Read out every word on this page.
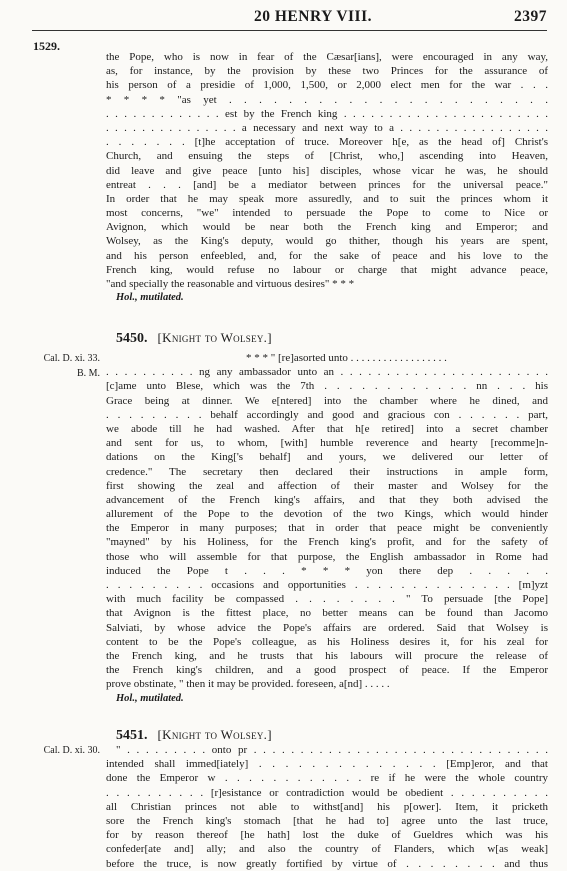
20 HENRY VIII.	2397
1529.
the Pope, who is now in fear of the Cæsar[ians], were encouraged in any way,
as, for instance, by the provision by these two Princes for the assurance of
his person of a presidie of 1,000, 1,500, or 2,000 elect men for the war . . .
* * * * "as yet . . . . . . . . . . . . . . . . . . . . . .
. . . . . . . . . . . . . est by the French king . . . . . . . . . . . . . . . . . . . . . . .
. . . . . . . . . . . . . . . a necessary and next way to a . . . . . . . . . . . . . . . . .
. . . . . . . [t]he acceptation of truce. Moreover h[e, as the head of] Christ's
Church, and ensuing the steps of [Christ, who,] ascending into Heaven,
did leave and give peace [unto his] disciples, whose vicar he was, he should
entreat . . . [and] be a mediator between princes for the universal peace."
In order that he may speak more assuredly, and to suit the princes whom it
most concerns, "we" intended to persuade the Pope to come to Nice or
Avignon, which would be near both the French king and Emperor; and
Wolsey, as the King's deputy, would go thither, though his years are spent,
and his person enfeebled, and, for the sake of peace and his love to the
French king, would refuse no labour or charge that might advance peace,
"and specially the reasonable and virtuous desires" * * *
Hol., mutilated.
5450. [Knight to Wolsey.]
Cal. D. xi. 33.
B. M.
* * * " [re]asorted unto . . . . . . . . . . . . . . . . . .
. . . . . . . . . . ng any ambassador unto an . . . . . . . . . . . . . . . . . . . . . . .
[c]ame unto Blese, which was the 7th . . . . . . . . . . . . nn . . . his
Grace being at dinner. We e[ntered] into the chamber where he dined, and
. . . . . . . . . behalf accordingly and good and gracious con . . . . . . part,
we abode till he had washed. After that h[e retired] into a secret chamber
and sent for us, to whom, [with] humble reverence and hearty [recomme]n-
dations on the King['s behalf] and yours, we delivered our letter of
credence." The secretary then declared their instructions in ample form,
first showing the zeal and affection of their master and Wolsey for the
advancement of the French king's affairs, and that they both advised the
allurement of the Pope to the devotion of the two Kings, which would hinder
the Emperor in many purposes; that in order that peace might be conveniently
"mayned" by his Holiness, for the French king's profit, and for the safety of
those who will assemble for that purpose, the English ambassador in Rome had
induced the Pope t . . . * * * yon there dep . . . . .
. . . . . . . . . occasions and opportunities . . . . . . . . . . . . . . [m]yzt
with much facility be compassed . . . . . . . . " To persuade [the Pope]
that Avignon is the fittest place, no better means can be found than Jacomo
Salviati, by whose advice the Pope's affairs are ordered. Said that Wolsey is
content to be the Pope's colleague, as his Holiness desires it, for his zeal for
the French king, and he trusts that his labours will procure the release of
the French king's children, and a good prospect of peace. If the Emperor
prove obstinate, " then it may be provided. foreseen, a[nd] . . . . .
Hol., mutilated.
5451. [Knight to Wolsey.]
Cal. D. xi. 30.	" . . . . . . . . . onto pr . . . . . . . . . . . . . . . . . . . . . . . . . . . . . . . .
intended shall immed[iately] . . . . . . . . . . . . . . [Emp]eror, and that
done the Emperor w . . . . . . . . . . . . re if he were the whole country
. . . . . . . . . . [r]esistance or contradiction would be obedient . . . . . . . . . .
all Christian princes not able to withst[and] his p[ower]. Item, it pricketh
sore the French king's stomach [that he had to] agree unto the last truce,
for by reason thereof [he hath] lost the duke of Gueldres which was his
confeder[ate and] ally; and also the country of Flanders, which w[as weak]
before the truce, is now greatly fortified by virtue of . . . . . . . . and thus
